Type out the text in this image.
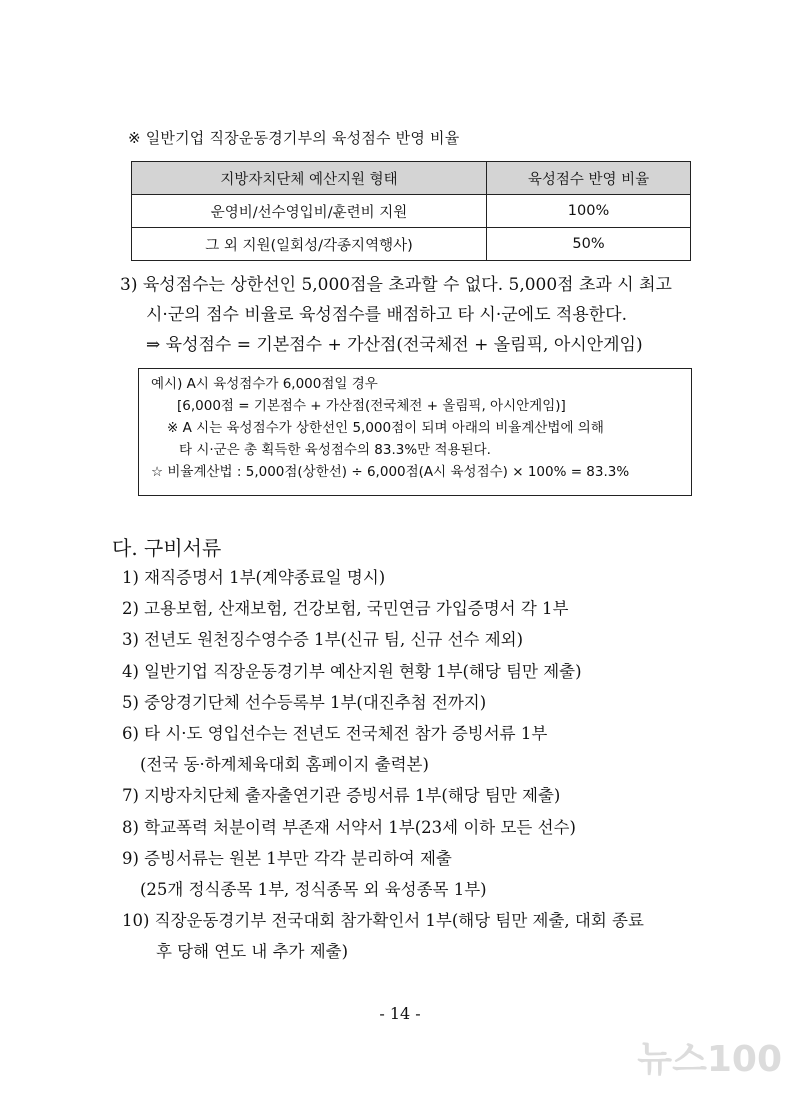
※ 일반기업 직장운동경기부의 육성점수 반영 비율
지방자치단체 예산지원 형태	육성점수 반영 비율
운영비/선수영입비/훈련비 지원	100%
그 외 지원(일회성/각종지역행사)	50%
3) 육성점수는 상한선인 5,000점을 초과할 수 없다. 5,000점 초과 시 최고
시·군의 점수 비율로 육성점수를 배점하고 타 시·군에도 적용한다.
⇒ 육성점수 = 기본점수 + 가산점(전국체전 + 올림픽, 아시안게임)
예시) A시 육성점수가 6,000점일 경우
[6,000점 = 기본점수 + 가산점(전국체전 + 올림픽, 아시안게임)]
※ A 시는 육성점수가 상한선인 5,000점이 되며 아래의 비율계산법에 의해
타 시·군은 총 획득한 육성점수의 83.3%만 적용된다.
☆ 비율계산법 : 5,000점(상한선) ÷ 6,000점(A시 육성점수) × 100% = 83.3%
다. 구비서류
1) 재직증명서 1부(계약종료일 명시)
2) 고용보험, 산재보험, 건강보험, 국민연금 가입증명서 각 1부
3) 전년도 원천징수영수증 1부(신규 팀, 신규 선수 제외)
4) 일반기업 직장운동경기부 예산지원 현황 1부(해당 팀만 제출)
5) 중앙경기단체 선수등록부 1부(대진추첨 전까지)
6) 타 시·도 영입선수는 전년도 전국체전 참가 증빙서류 1부
(전국 동·하계체육대회 홈페이지 출력본)
7) 지방자치단체 출자출연기관 증빙서류 1부(해당 팀만 제출)
8) 학교폭력 처분이력 부존재 서약서 1부(23세 이하 모든 선수)
9) 증빙서류는 원본 1부만 각각 분리하여 제출
(25개 정식종목 1부, 정식종목 외 육성종목 1부)
10) 직장운동경기부 전국대회 참가확인서 1부(해당 팀만 제출, 대회 종료
후 당해 연도 내 추가 제출)
- 14 -
뉴스100
